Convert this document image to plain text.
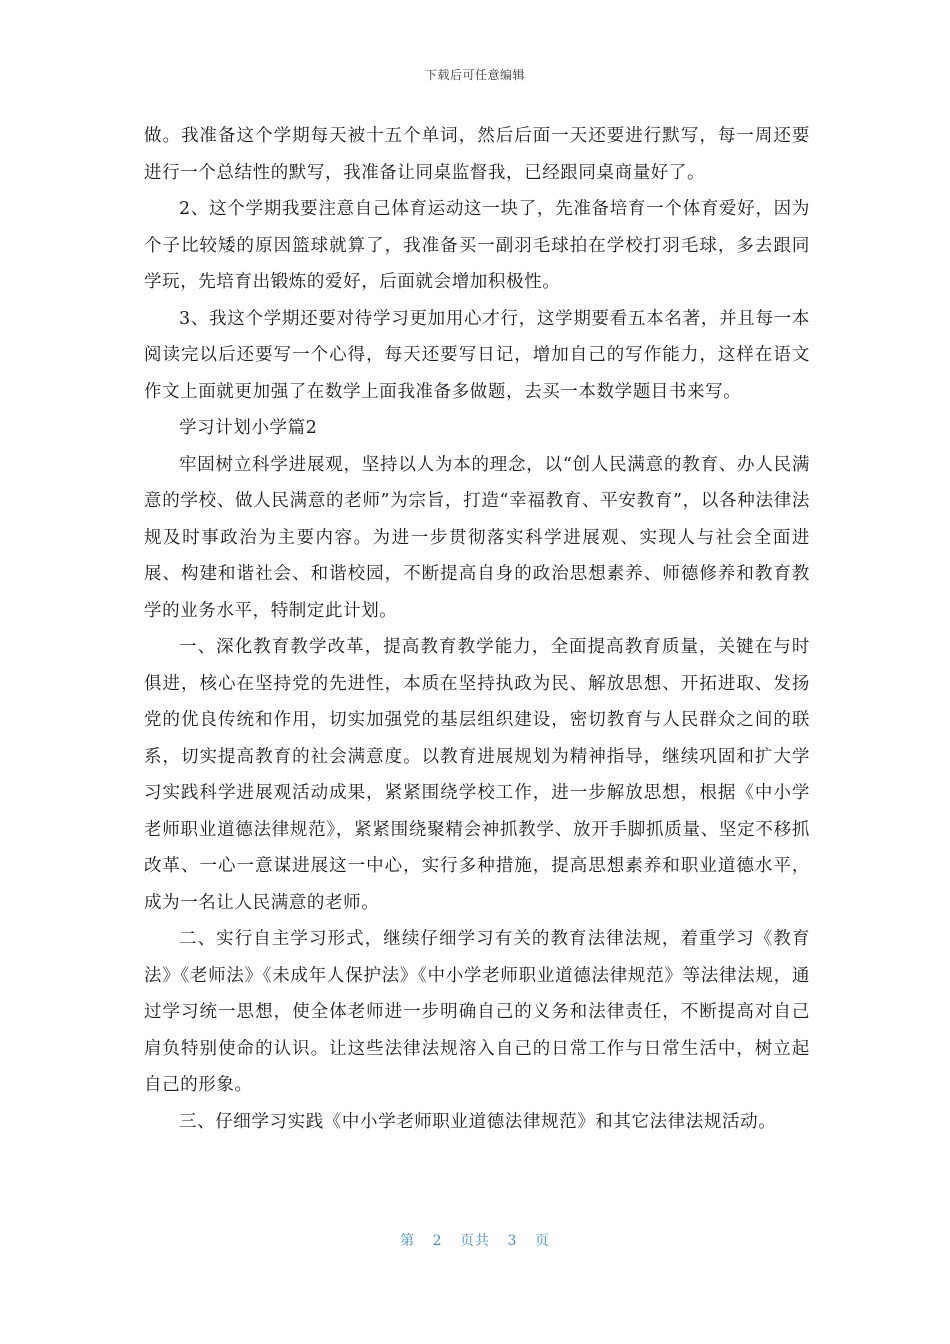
下载后可任意编辑

做。我准备这个学期每天被十五个单词，然后后面一天还要进行默写，每一周还要进行一个总结性的默写，我准备让同桌监督我，已经跟同桌商量好了。

2、这个学期我要注意自己体育运动这一块了，先准备培育一个体育爱好，因为个子比较矮的原因篮球就算了，我准备买一副羽毛球拍在学校打羽毛球，多去跟同学玩，先培育出锻炼的爱好，后面就会增加积极性。

3、我这个学期还要对待学习更加用心才行，这学期要看五本名著，并且每一本阅读完以后还要写一个心得，每天还要写日记，增加自己的写作能力，这样在语文作文上面就更加强了在数学上面我准备多做题，去买一本数学题目书来写。

学习计划小学篇2

牢固树立科学进展观，坚持以人为本的理念，以“创人民满意的教育、办人民满意的学校、做人民满意的老师”为宗旨，打造“幸福教育、平安教育”，以各种法律法规及时事政治为主要内容。为进一步贯彻落实科学进展观、实现人与社会全面进展、构建和谐社会、和谐校园，不断提高自身的政治思想素养、师德修养和教育教学的业务水平，特制定此计划。

一、深化教育教学改革，提高教育教学能力，全面提高教育质量，关键在与时俱进，核心在坚持党的先进性，本质在坚持执政为民、解放思想、开拓进取、发扬党的优良传统和作用，切实加强党的基层组织建设，密切教育与人民群众之间的联系，切实提高教育的社会满意度。以教育进展规划为精神指导，继续巩固和扩大学习实践科学进展观活动成果，紧紧围绕学校工作，进一步解放思想，根据《中小学老师职业道德法律规范》，紧紧围绕聚精会神抓教学、放开手脚抓质量、坚定不移抓改革、一心一意谋进展这一中心，实行多种措施，提高思想素养和职业道德水平，成为一名让人民满意的老师。

二、实行自主学习形式，继续仔细学习有关的教育法律法规，着重学习《教育法》《老师法》《未成年人保护法》《中小学老师职业道德法律规范》等法律法规，通过学习统一思想，使全体老师进一步明确自己的义务和法律责任，不断提高对自己肩负特别使命的认识。让这些法律法规溶入自己的日常工作与日常生活中，树立起自己的形象。

三、仔细学习实践《中小学老师职业道德法律规范》和其它法律法规活动。

第 2 页共 3 页
